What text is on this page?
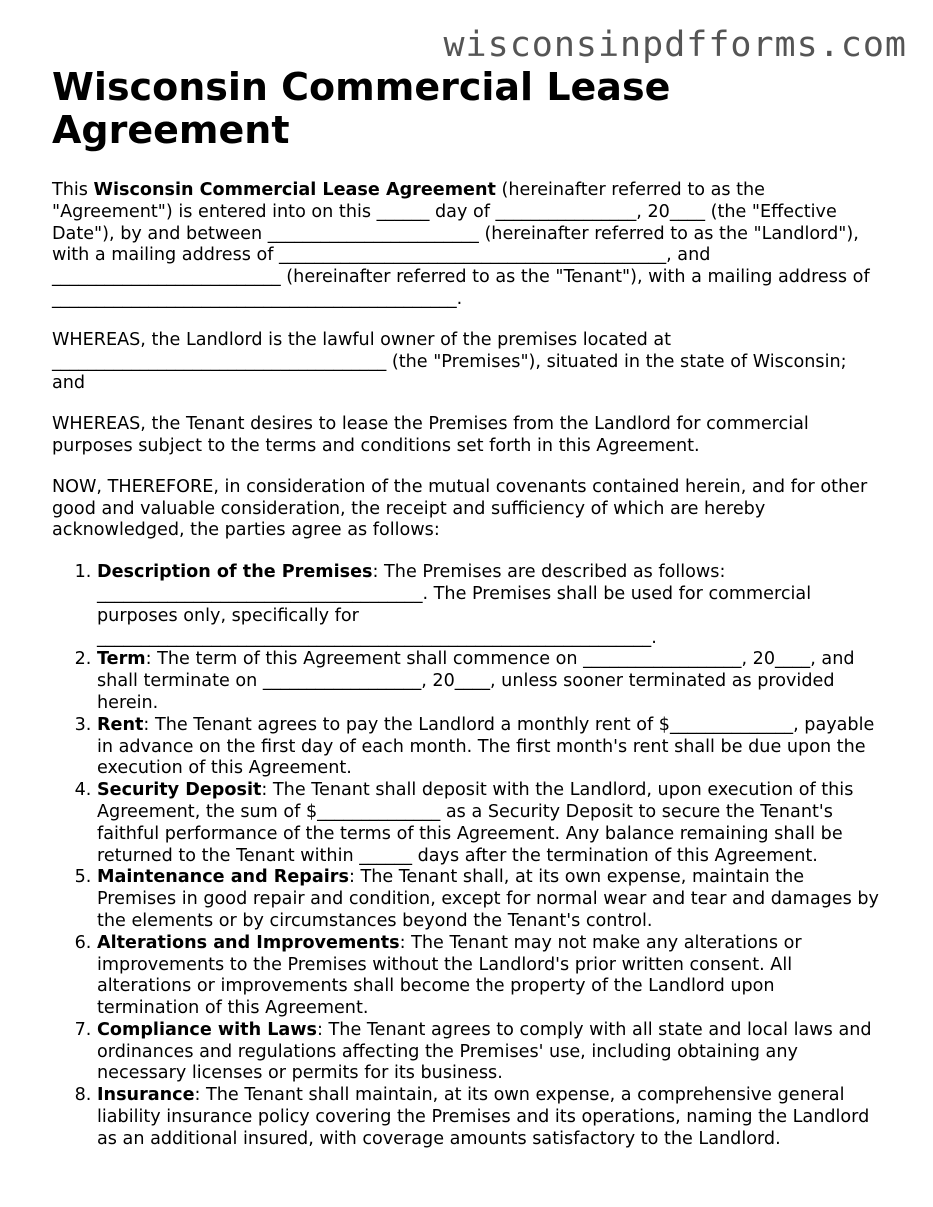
wisconsinpdfforms.com
Wisconsin Commercial Lease Agreement

This Wisconsin Commercial Lease Agreement (hereinafter referred to as the "Agreement") is entered into on this ______ day of ________________, 20____ (the "Effective Date"), by and between ________________________ (hereinafter referred to as the "Landlord"), with a mailing address of ____________________________________________, and __________________________ (hereinafter referred to as the "Tenant"), with a mailing address of ______________________________________________.

WHEREAS, the Landlord is the lawful owner of the premises located at ______________________________________ (the "Premises"), situated in the state of Wisconsin; and

WHEREAS, the Tenant desires to lease the Premises from the Landlord for commercial purposes subject to the terms and conditions set forth in this Agreement.

NOW, THEREFORE, in consideration of the mutual covenants contained herein, and for other good and valuable consideration, the receipt and sufficiency of which are hereby acknowledged, the parties agree as follows:

1. Description of the Premises: The Premises are described as follows: _____________________________________. The Premises shall be used for commercial purposes only, specifically for _______________________________________________________________.
2. Term: The term of this Agreement shall commence on __________________, 20____, and shall terminate on __________________, 20____, unless sooner terminated as provided herein.
3. Rent: The Tenant agrees to pay the Landlord a monthly rent of $______________, payable in advance on the first day of each month. The first month's rent shall be due upon the execution of this Agreement.
4. Security Deposit: The Tenant shall deposit with the Landlord, upon execution of this Agreement, the sum of $______________ as a Security Deposit to secure the Tenant's faithful performance of the terms of this Agreement. Any balance remaining shall be returned to the Tenant within ______ days after the termination of this Agreement.
5. Maintenance and Repairs: The Tenant shall, at its own expense, maintain the Premises in good repair and condition, except for normal wear and tear and damages by the elements or by circumstances beyond the Tenant's control.
6. Alterations and Improvements: The Tenant may not make any alterations or improvements to the Premises without the Landlord's prior written consent. All alterations or improvements shall become the property of the Landlord upon termination of this Agreement.
7. Compliance with Laws: The Tenant agrees to comply with all state and local laws and ordinances and regulations affecting the Premises' use, including obtaining any necessary licenses or permits for its business.
8. Insurance: The Tenant shall maintain, at its own expense, a comprehensive general liability insurance policy covering the Premises and its operations, naming the Landlord as an additional insured, with coverage amounts satisfactory to the Landlord.
